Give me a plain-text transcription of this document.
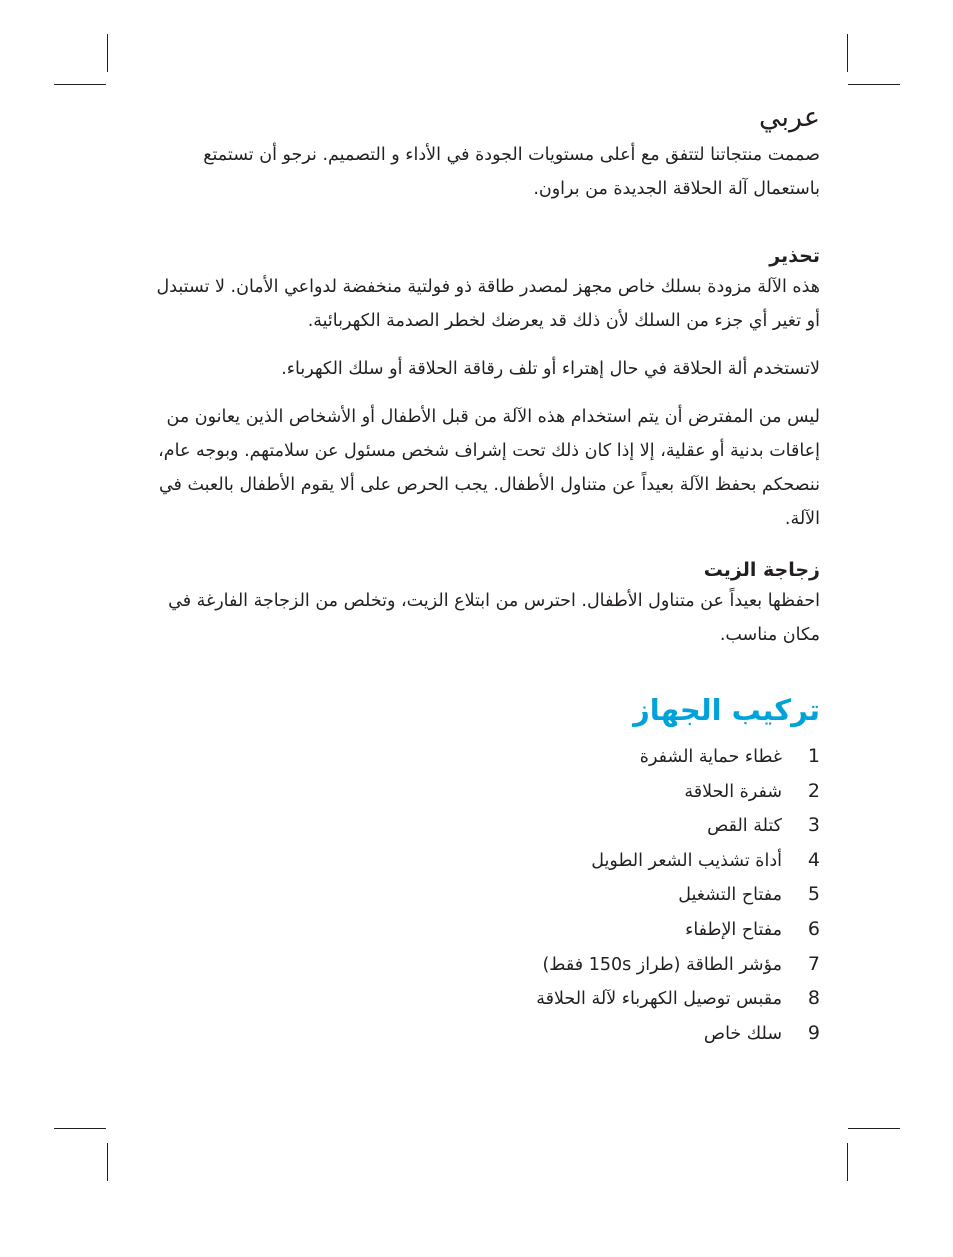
عربي

صممت منتجاتنا لتتفق مع أعلى مستويات الجودة في الأداء و التصميم. نرجو أن تستمتع باستعمال آلة الحلاقة الجديدة من براون.

تحذير

هذه الآلة مزودة بسلك خاص مجهز لمصدر طاقة ذو فولتية منخفضة لدواعي الأمان. لا تستبدل أو تغير أي جزء من السلك لأن ذلك قد يعرضك لخطر الصدمة الكهربائية.

لاتستخدم ألة الحلاقة في حال إهتراء أو تلف رقاقة الحلاقة أو سلك الكهرباء.

ليس من المفترض أن يتم استخدام هذه الآلة من قبل الأطفال أو الأشخاص الذين يعانون من إعاقات بدنية أو عقلية، إلا إذا كان ذلك تحت إشراف شخص مسئول عن سلامتهم. وبوجه عام، ننصحكم بحفظ الآلة بعيداً عن متناول الأطفال. يجب الحرص على ألا يقوم الأطفال بالعبث في الآلة.

زجاجة الزيت

احفظها بعيداً عن متناول الأطفال. احترس من ابتلاع الزيت، وتخلص من الزجاجة الفارغة في مكان مناسب.

تركيب الجهاز
1
غطاء حماية الشفرة
2
شفرة الحلاقة
3
كتلة القص
4
أداة تشذيب الشعر الطويل
5
مفتاح التشغيل
6
مفتاح الإطفاء
7
مؤشر الطاقة (طراز 150s فقط)
8
مقبس توصيل الكهرباء لآلة الحلاقة
9
سلك خاص
